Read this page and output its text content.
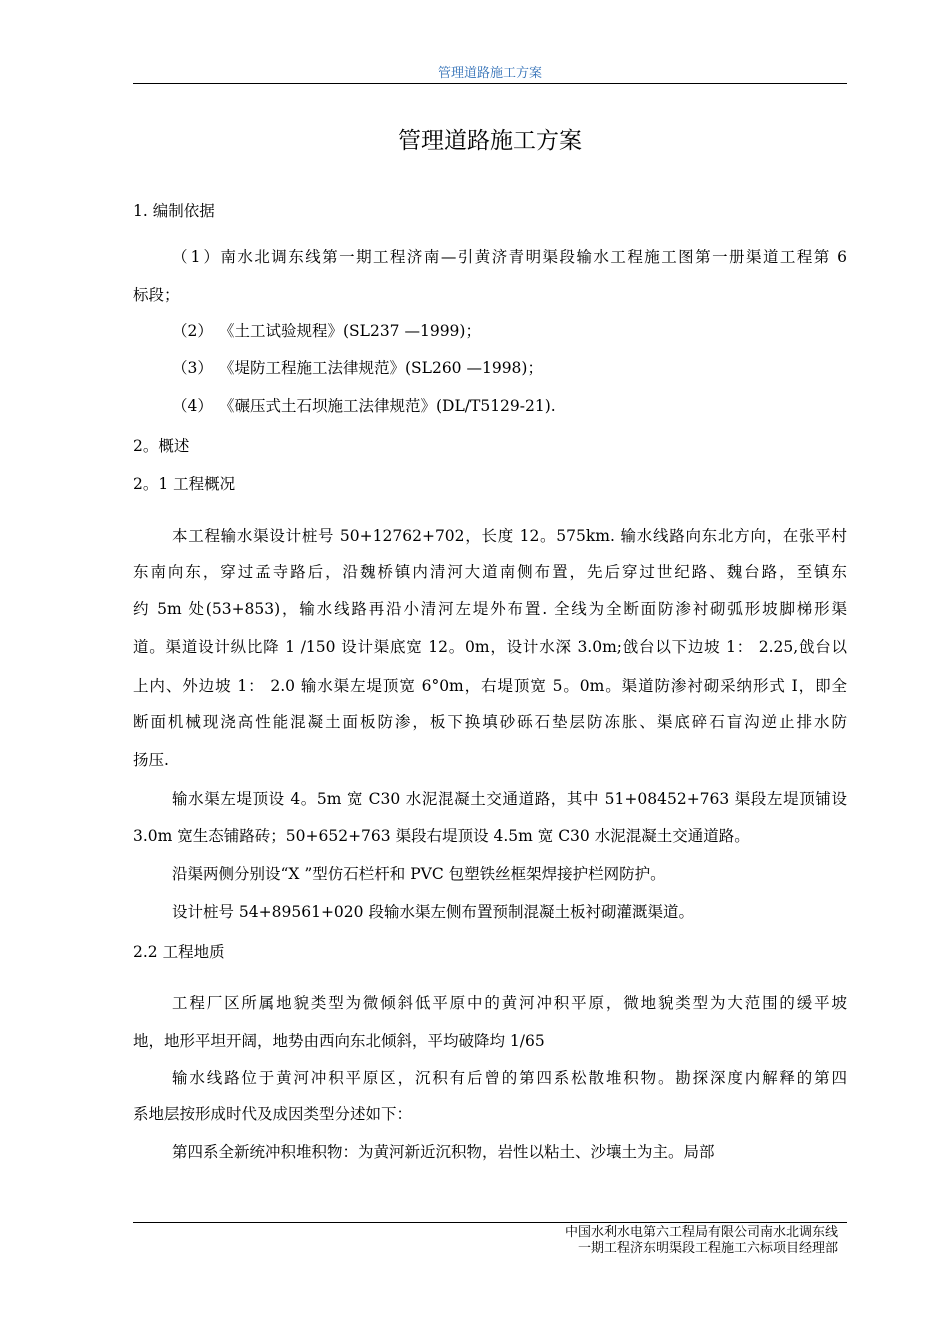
管理道路施工方案
管理道路施工方案
1. 编制依据
（1）南水北调东线第一期工程济南—引黄济青明渠段输水工程施工图第一册渠道工程第 6
标段；
（2） 《土工试验规程》(SL237 —1999)；
（3） 《堤防工程施工法律规范》(SL260 —1998)；
（4） 《碾压式土石坝施工法律规范》(DL/T5129-21).
2。概述
2。1 工程概况
本工程输水渠设计桩号 50+12762+702，长度 12。575km. 输水线路向东北方向，在张平村
东南向东，穿过孟寺路后，沿魏桥镇内清河大道南侧布置，先后穿过世纪路、魏台路，至镇东
约 5m 处(53+853)，输水线路再沿小清河左堤外布置. 全线为全断面防渗衬砌弧形坡脚梯形渠
道。渠道设计纵比降 1 /150 设计渠底宽 12。0m，设计水深 3.0m;戗台以下边坡 1： 2.25,戗台以
上内、外边坡 1： 2.0 输水渠左堤顶宽 6°0m，右堤顶宽 5。0m。渠道防渗衬砌采纳形式 I，即全
断面机械现浇高性能混凝土面板防渗，板下换填砂砾石垫层防冻胀、渠底碎石盲沟逆止排水防
扬压.
输水渠左堤顶设 4。5m 宽 C30 水泥混凝土交通道路，其中 51+08452+763 渠段左堤顶铺设
3.0m 宽生态铺路砖；50+652+763 渠段右堤顶设 4.5m 宽 C30 水泥混凝土交通道路。
沿渠两侧分别设“X ”型仿石栏杆和 PVC 包塑铁丝框架焊接护栏网防护。
设计桩号 54+89561+020 段输水渠左侧布置预制混凝土板衬砌灌溉渠道。
2.2 工程地质
工程厂区所属地貌类型为微倾斜低平原中的黄河冲积平原，微地貌类型为大范围的缓平坡
地，地形平坦开阔，地势由西向东北倾斜，平均破降均 1/65
输水线路位于黄河冲积平原区，沉积有后曾的第四系松散堆积物。勘探深度内解释的第四
系地层按形成时代及成因类型分述如下：
第四系全新统冲积堆积物：为黄河新近沉积物，岩性以粘土、沙壤土为主。局部
中国水利水电第六工程局有限公司南水北调东线
一期工程济东明渠段工程施工六标项目经理部
